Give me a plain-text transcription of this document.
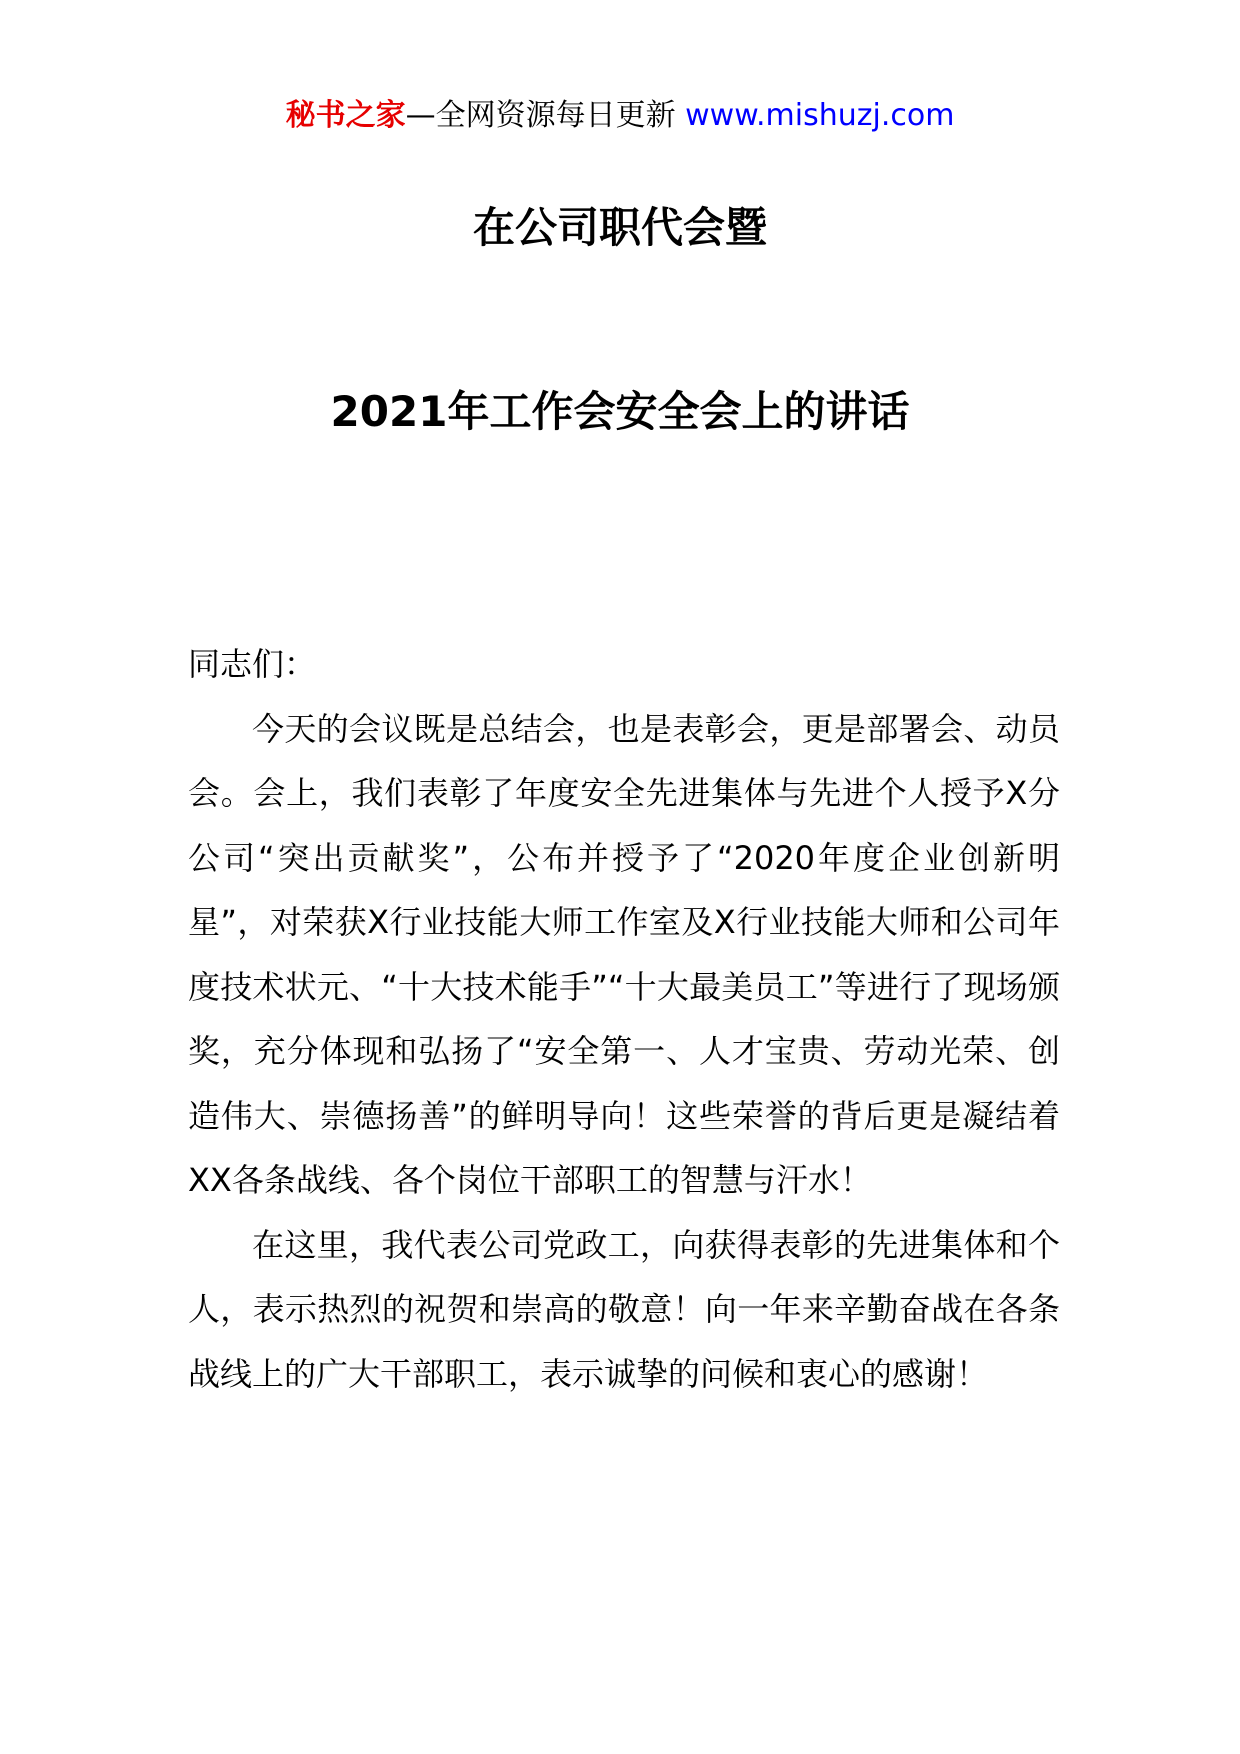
秘书之家—全网资源每日更新 www.mishuzj.com
在公司职代会暨
2021年工作会安全会上的讲话

同志们：

今天的会议既是总结会，也是表彰会，更是部署会、动员会。会上，我们表彰了年度安全先进集体与先进个人授予X分公司“突出贡献奖”，公布并授予了“2020年度企业创新明星”，对荣获X行业技能大师工作室及X行业技能大师和公司年度技术状元、“十大技术能手”“十大最美员工”等进行了现场颁奖，充分体现和弘扬了“安全第一、人才宝贵、劳动光荣、创造伟大、崇德扬善”的鲜明导向！这些荣誉的背后更是凝结着XX各条战线、各个岗位干部职工的智慧与汗水！

在这里，我代表公司党政工，向获得表彰的先进集体和个人，表示热烈的祝贺和崇高的敬意！向一年来辛勤奋战在各条战线上的广大干部职工，表示诚挚的问候和衷心的感谢！
